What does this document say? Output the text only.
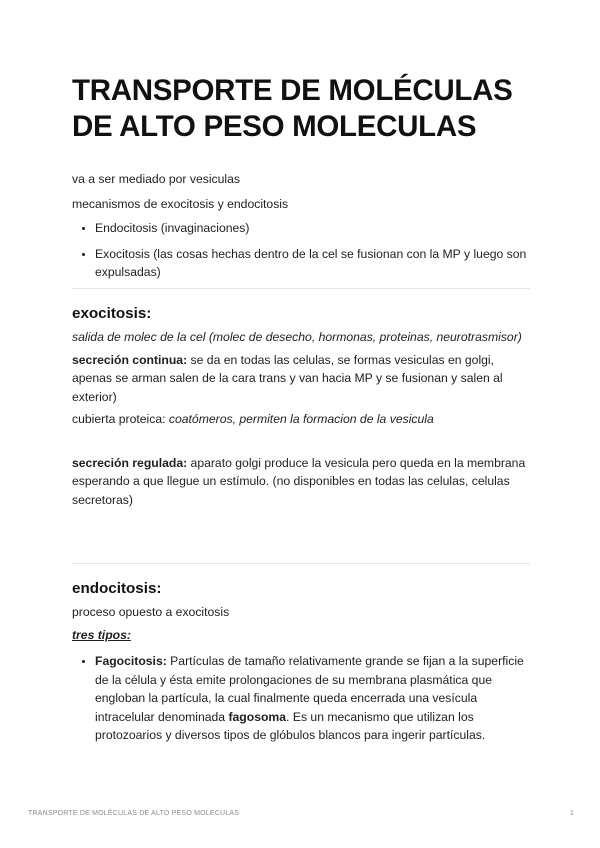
TRANSPORTE DE MOLÉCULAS DE ALTO PESO MOLECULAS

va a ser mediado por vesiculas

mecanismos de exocitosis y endocitosis

• Endocitosis (invaginaciones)
• Exocitosis (las cosas hechas dentro de la cel se fusionan con la MP y luego son expulsadas)
exocitosis:

salida de molec de la cel (molec de desecho, hormonas, proteinas, neurotrasmisor)

secreción continua: se da en todas las celulas, se formas vesiculas en golgi, apenas se arman salen de la cara trans y van hacia MP y se fusionan y salen al exterior)

cubierta proteica: coatómeros, permiten la formacion de la vesicula

secreción regulada: aparato golgi produce la vesicula pero queda en la membrana esperando a que llegue un estímulo. (no disponibles en todas las celulas, celulas secretoras)

endocitosis:

proceso opuesto a exocitosis

tres tipos:

• Fagocitosis: Partículas de tamaño relativamente grande se fijan a la superficie de la célula y ésta emite prolongaciones de su membrana plasmática que engloban la partícula, la cual finalmente queda encerrada una vesícula intracelular denominada fagosoma. Es un mecanismo que utilizan los protozoarios y diversos tipos de glóbulos blancos para ingerir partículas.
TRANSPORTE DE MOLÉCULAS DE ALTO PESO MOLECULAS	1
